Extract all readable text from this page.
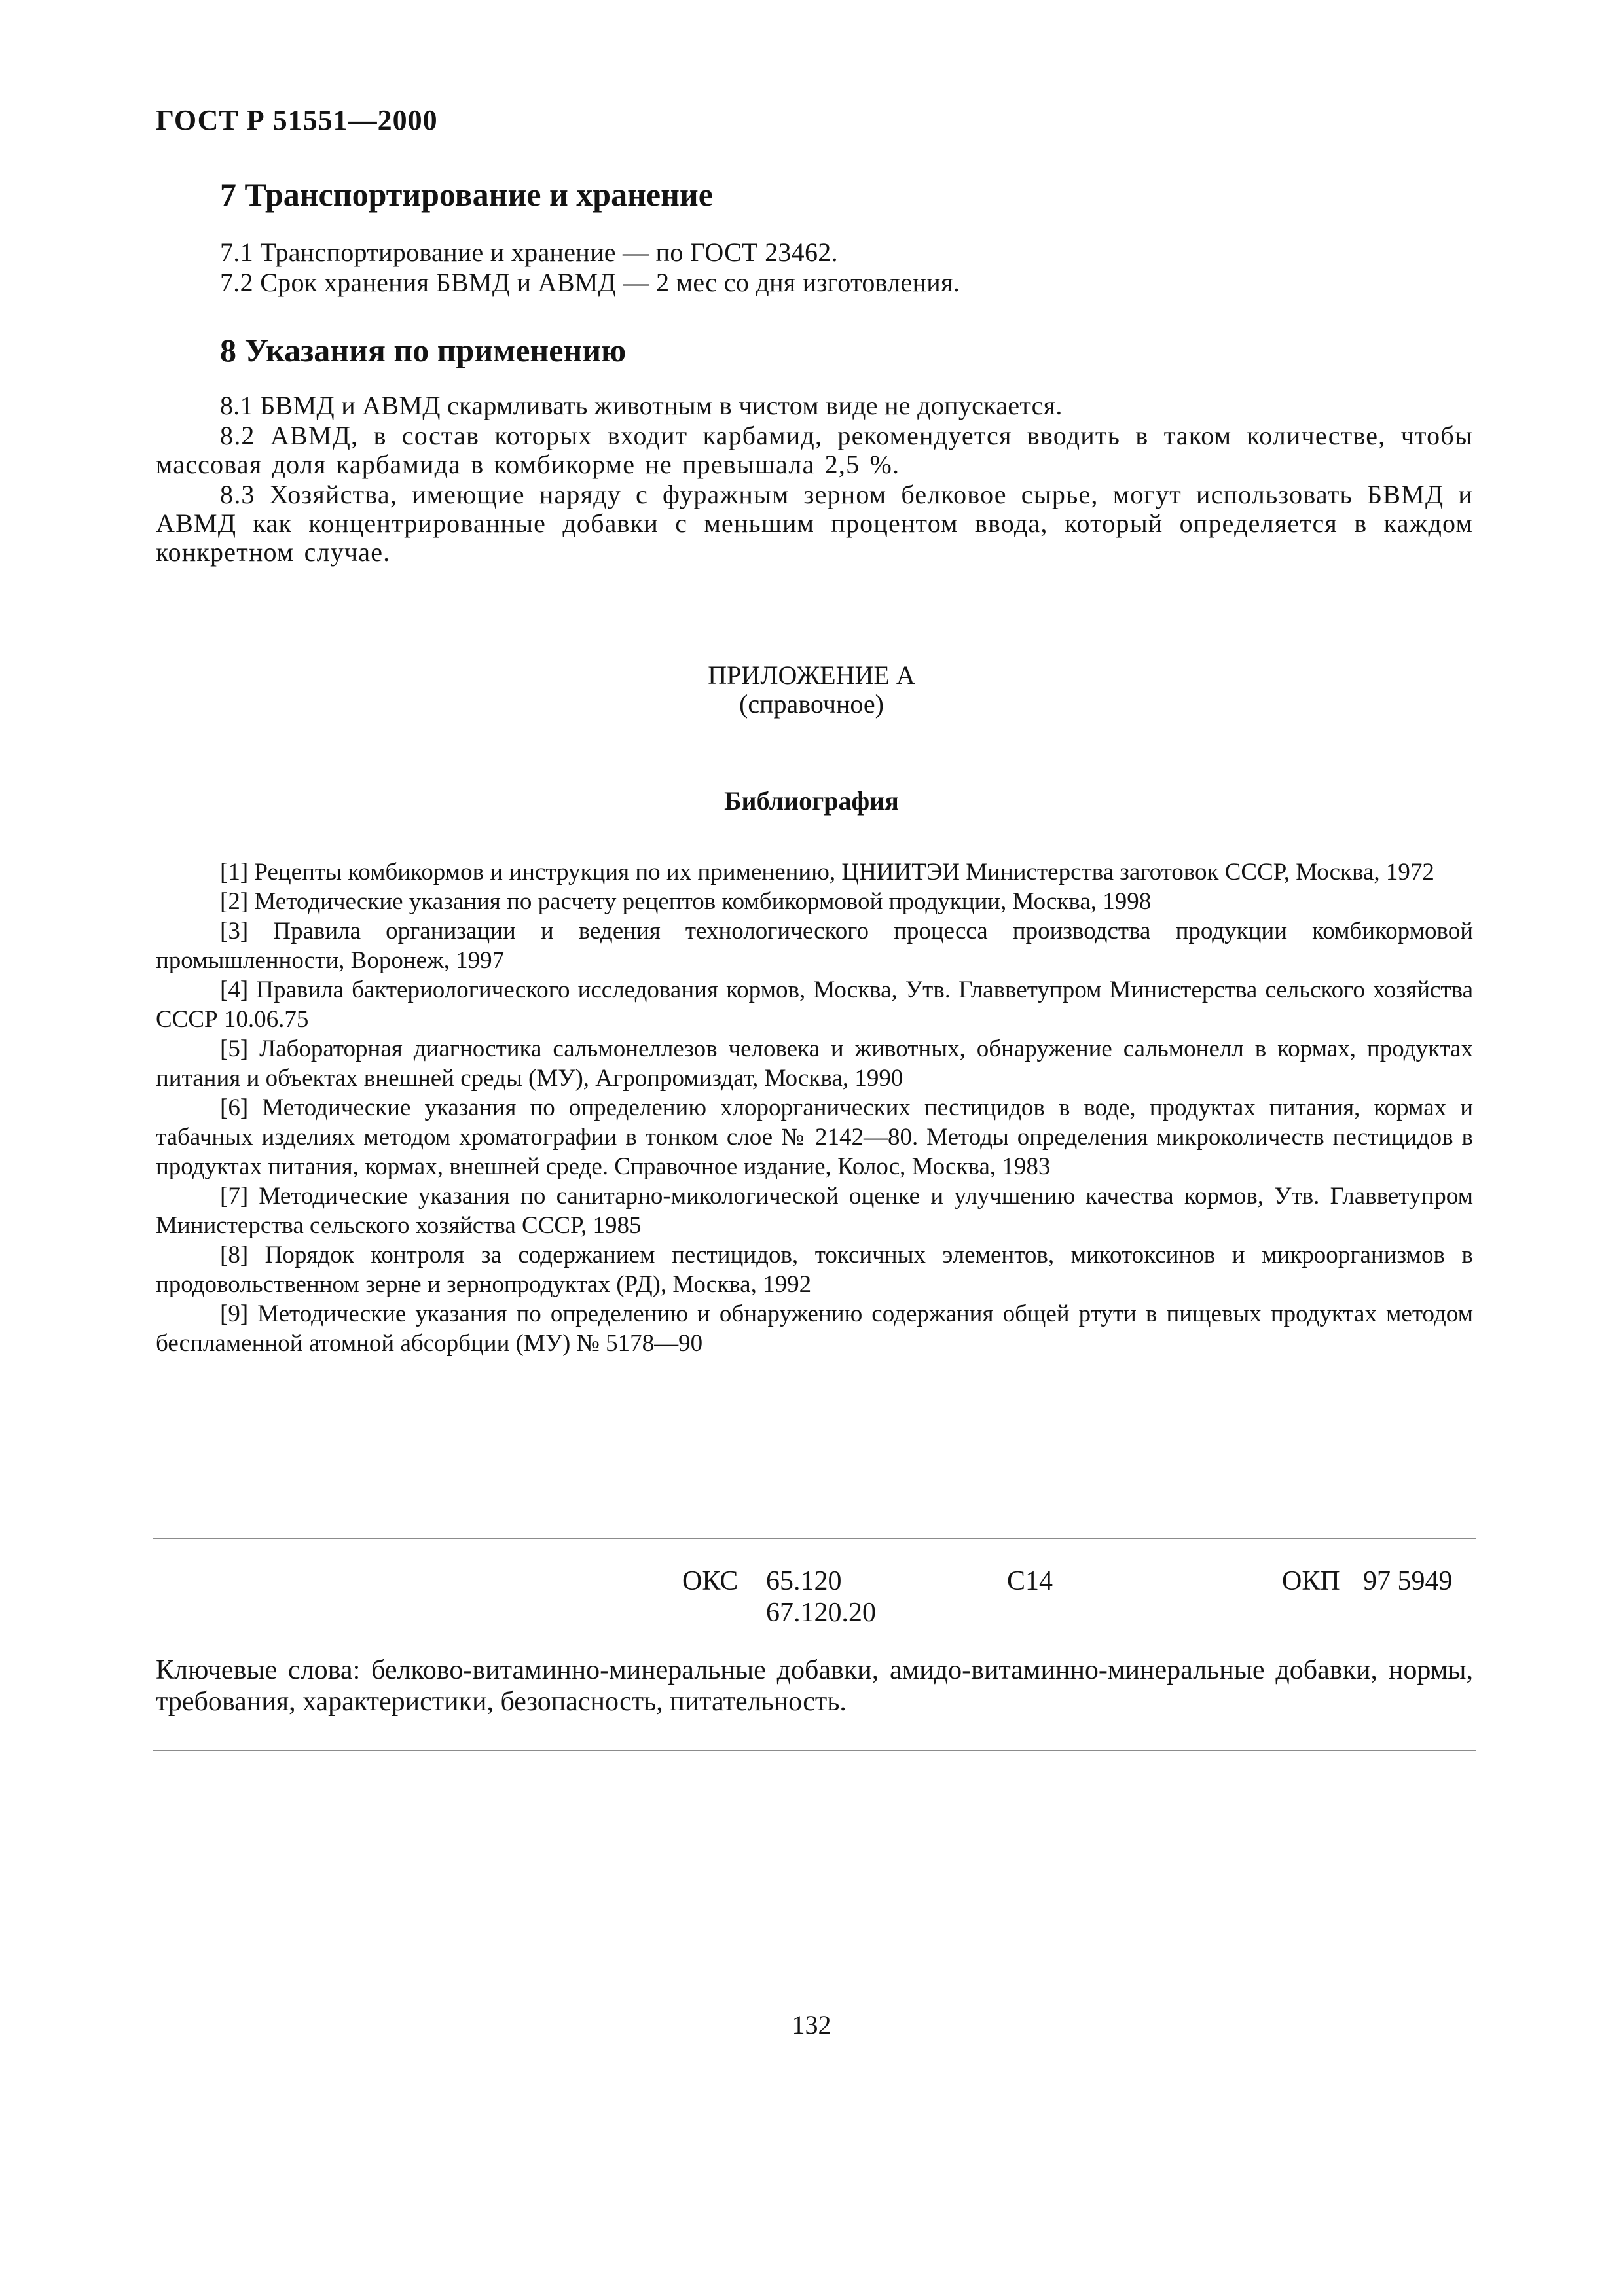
ГОСТ Р 51551—2000
7 Транспортирование и хранение
7.1 Транспортирование и хранение — по ГОСТ 23462.
7.2 Срок хранения БВМД и АВМД — 2 мес со дня изготовления.
8 Указания по применению
8.1 БВМД и АВМД скармливать животным в чистом виде не допускается.
8.2 АВМД, в состав которых входит карбамид, рекомендуется вводить в таком количестве, чтобы массовая доля карбамида в комбикорме не превышала 2,5 %.
8.3 Хозяйства, имеющие наряду с фуражным зерном белковое сырье, могут использовать БВМД и АВМД как концентрированные добавки с меньшим процентом ввода, который определяется в каждом конкретном случае.
ПРИЛОЖЕНИЕ А
(справочное)
Библиография
[1] Рецепты комбикормов и инструкция по их применению, ЦНИИТЭИ Министерства заготовок СССР, Москва, 1972
[2] Методические указания по расчету рецептов комбикормовой продукции, Москва, 1998
[3] Правила организации и ведения технологического процесса производства продукции комбикормовой промышленности, Воронеж, 1997
[4] Правила бактериологического исследования кормов, Москва, Утв. Главветупром Министерства сельского хозяйства СССР 10.06.75
[5] Лабораторная диагностика сальмонеллезов человека и животных, обнаружение сальмонелл в кормах, продуктах питания и объектах внешней среды (МУ), Агропромиздат, Москва, 1990
[6] Методические указания по определению хлорорганических пестицидов в воде, продуктах питания, кормах и табачных изделиях методом хроматографии в тонком слое № 2142—80. Методы определения микроколичеств пестицидов в продуктах питания, кормах, внешней среде. Справочное издание, Колос, Москва, 1983
[7] Методические указания по санитарно-микологической оценке и улучшению качества кормов, Утв. Главветупром Министерства сельского хозяйства СССР, 1985
[8] Порядок контроля за содержанием пестицидов, токсичных элементов, микотоксинов и микроорганизмов в продовольственном зерне и зернопродуктах (РД), Москва, 1992
[9] Методические указания по определению и обнаружению содержания общей ртути в пищевых продуктах методом беспламенной атомной абсорбции (МУ) № 5178—90
ОКС 65.120
67.120.20
С14	ОКП 97 5949
Ключевые слова: белково-витаминно-минеральные добавки, амидо-витаминно-минеральные добавки, нормы, требования, характеристики, безопасность, питательность.
132
